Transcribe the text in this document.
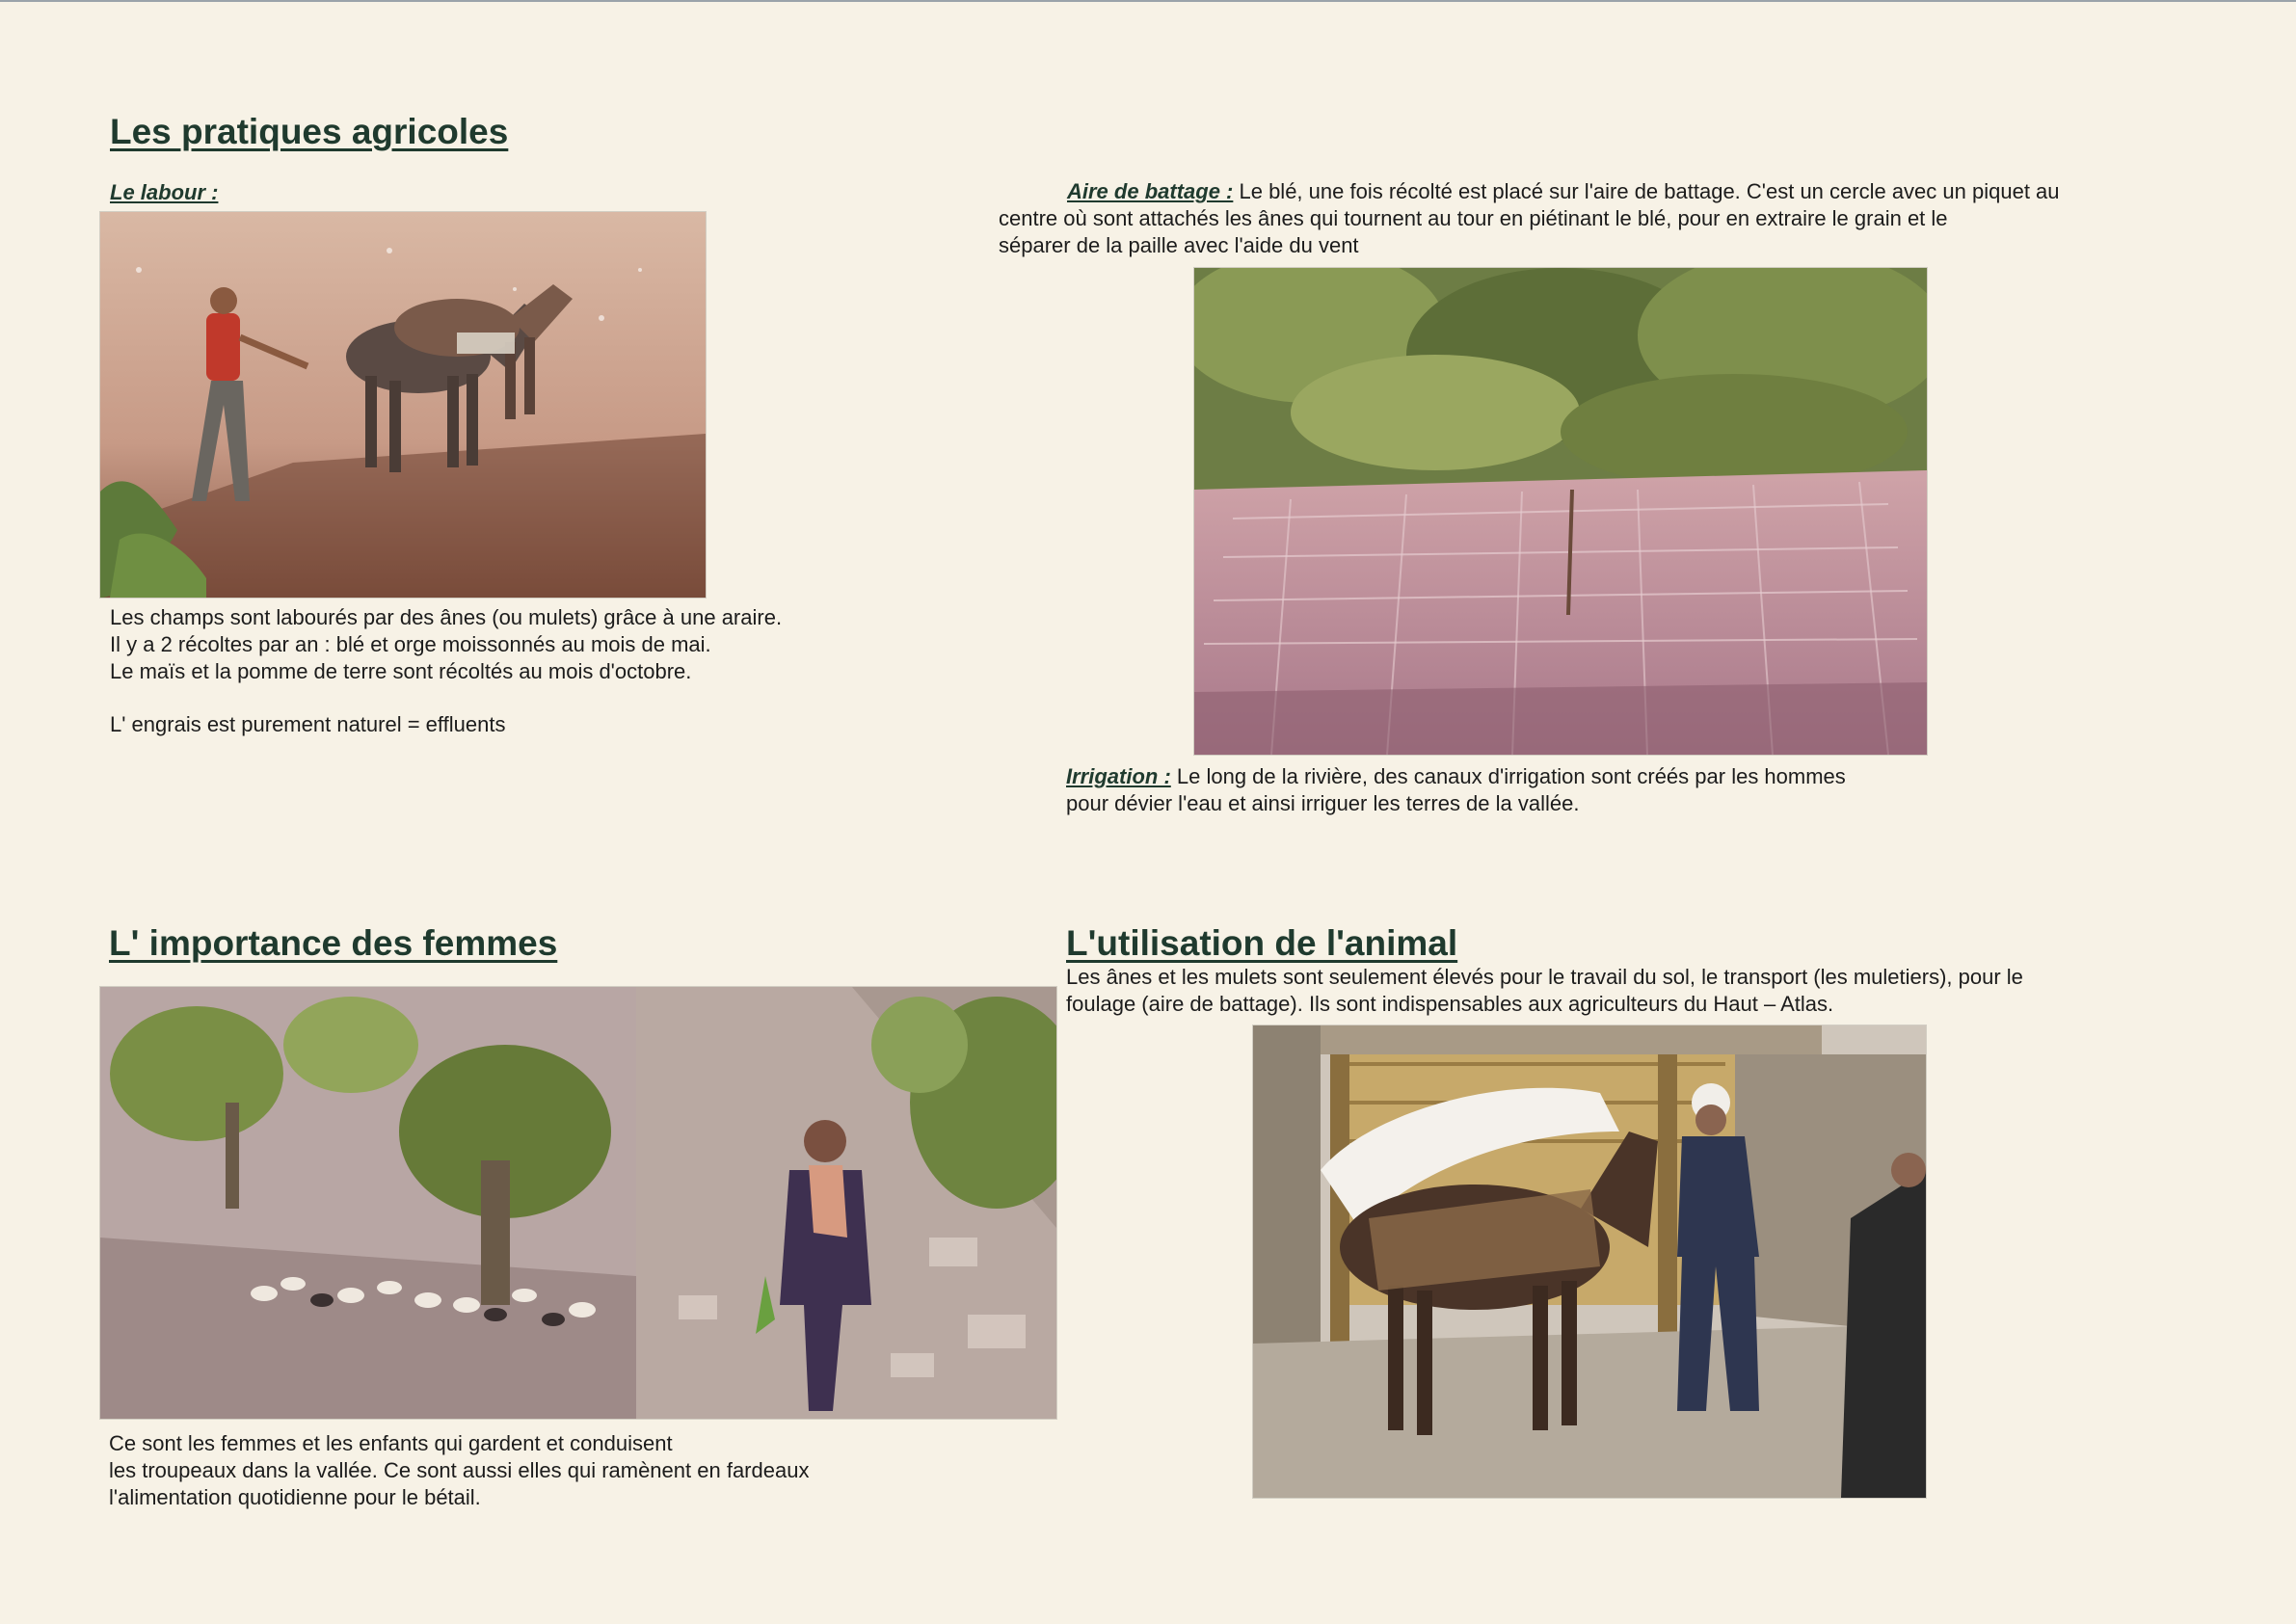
Les pratiques agricoles
Le labour :

Les champs sont labourés par des ânes (ou mulets) grâce à une araire.

Il y a 2 récoltes par an : blé et orge moissonnés au mois de mai.

Le maïs et la pomme de terre sont récoltés au mois d'octobre.

L' engrais est purement naturel = effluents

Aire de battage : Le blé, une fois récolté est placé sur l'aire de battage. C'est un cercle avec un piquet au

centre où sont attachés les ânes qui tournent au tour en piétinant le blé, pour en extraire le grain et le

séparer de la paille avec l'aide du vent

Irrigation : Le long de la rivière, des canaux d'irrigation sont créés par les hommes

pour dévier l'eau et ainsi irriguer les terres de la vallée.

L' importance des femmes

Ce sont les femmes et les enfants qui gardent et conduisent

les troupeaux dans la vallée. Ce sont aussi elles qui ramènent en fardeaux

l'alimentation quotidienne pour le bétail.

L'utilisation de l'animal

Les ânes et les mulets sont seulement élevés pour le travail du sol, le transport (les muletiers), pour le

foulage (aire de battage). Ils sont indispensables aux agriculteurs du Haut – Atlas.
